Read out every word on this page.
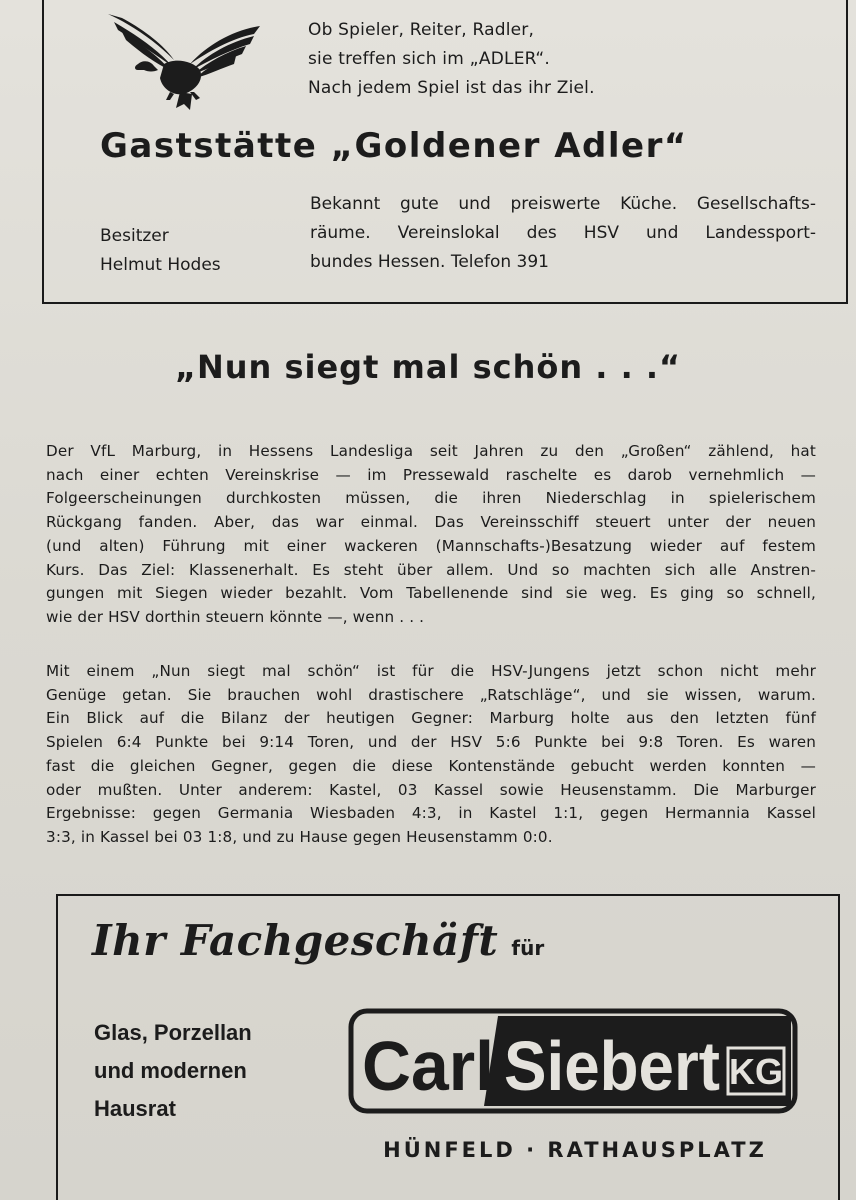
Ob Spieler, Reiter, Radler,
sie treffen sich im „ADLER“.
Nach jedem Spiel ist das ihr Ziel.
Gaststätte „Goldener Adler“
Besitzer
Helmut Hodes
Bekannt gute und preiswerte Küche. Gesellschafts-
räume. Vereinslokal des HSV und Landessport-
bundes Hessen. Telefon 391
„Nun siegt mal schön . . .“
Der VfL Marburg, in Hessens Landesliga seit Jahren zu den „Großen“ zählend, hat
nach einer echten Vereinskrise — im Pressewald raschelte es darob vernehmlich —
Folgeerscheinungen durchkosten müssen, die ihren Niederschlag in spielerischem
Rückgang fanden. Aber, das war einmal. Das Vereinsschiff steuert unter der neuen
(und alten) Führung mit einer wackeren (Mannschafts-)Besatzung wieder auf festem
Kurs. Das Ziel: Klassenerhalt. Es steht über allem. Und so machten sich alle Anstren-
gungen mit Siegen wieder bezahlt. Vom Tabellenende sind sie weg. Es ging so schnell,
wie der HSV dorthin steuern könnte —, wenn . . .
Mit einem „Nun siegt mal schön“ ist für die HSV-Jungens jetzt schon nicht mehr
Genüge getan. Sie brauchen wohl drastischere „Ratschläge“, und sie wissen, warum.
Ein Blick auf die Bilanz der heutigen Gegner: Marburg holte aus den letzten fünf
Spielen 6:4 Punkte bei 9:14 Toren, und der HSV 5:6 Punkte bei 9:8 Toren. Es waren
fast die gleichen Gegner, gegen die diese Kontenstände gebucht werden konnten —
oder mußten. Unter anderem: Kastel, 03 Kassel sowie Heusenstamm. Die Marburger
Ergebnisse: gegen Germania Wiesbaden 4:3, in Kastel 1:1, gegen Hermannia Kassel
3:3, in Kassel bei 03 1:8, und zu Hause gegen Heusenstamm 0:0.
Ihr Fachgeschäft für
Glas, Porzellan
und modernen
Hausrat
Carl Siebert KG
HÜNFELD · RATHAUSPLATZ
